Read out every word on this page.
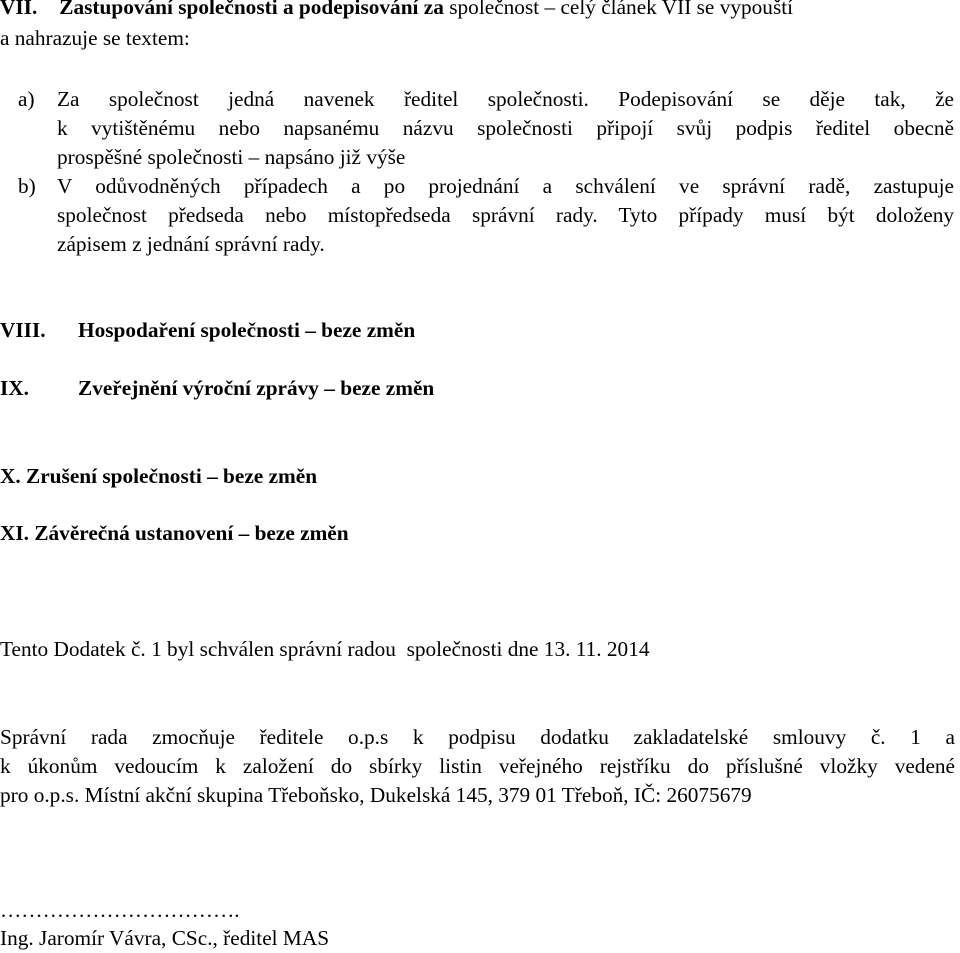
VII. Zastupování společnosti a podepisování za společnost – celý článek VII se vypouští
a nahrazuje se textem:
a) Za společnost jedná navenek ředitel společnosti. Podepisování se děje tak, že
k vytištěnému nebo napsanému názvu společnosti připojí svůj podpis ředitel obecně
prospěšné společnosti – napsáno již výše
b) V odůvodněných případech a po projednání a schválení ve správní radě, zastupuje
společnost předseda nebo místopředseda správní rady. Tyto případy musí být doloženy
zápisem z jednání správní rady.
VIII. Hospodaření společnosti – beze změn
IX. Zveřejnění výroční zprávy – beze změn
X. Zrušení společnosti – beze změn
XI. Závěrečná ustanovení – beze změn
Tento Dodatek č. 1 byl schválen správní radou  společnosti dne 13. 11. 2014
Správní rada zmocňuje ředitele o.p.s k podpisu dodatku zakladatelské smlouvy č. 1 a
k úkonům vedoucím k založení do sbírky listin veřejného rejstříku do příslušné vložky vedené
pro o.p.s. Místní akční skupina Třeboňsko, Dukelská 145, 379 01 Třeboň, IČ: 26075679
…………………………….
Ing. Jaromír Vávra, CSc., ředitel MAS
